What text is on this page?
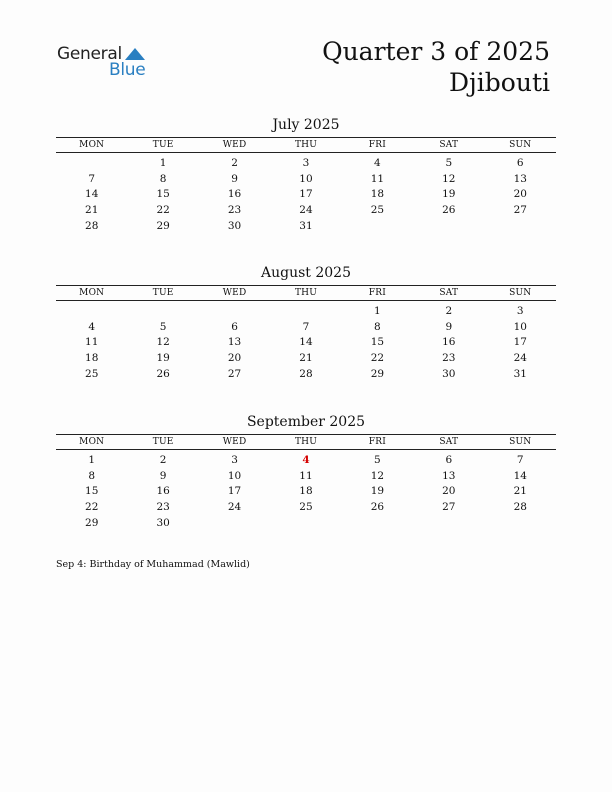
General
Blue
Quarter 3 of 2025
Djibouti
July 2025
MON	TUE	WED	THU	FRI	SAT	SUN
	1	2	3	4	5	6
7	8	9	10	11	12	13
14	15	16	17	18	19	20
21	22	23	24	25	26	27
28	29	30	31			
August 2025
MON	TUE	WED	THU	FRI	SAT	SUN
				1	2	3
4	5	6	7	8	9	10
11	12	13	14	15	16	17
18	19	20	21	22	23	24
25	26	27	28	29	30	31
September 2025
MON	TUE	WED	THU	FRI	SAT	SUN
1	2	3	4	5	6	7
8	9	10	11	12	13	14
15	16	17	18	19	20	21
22	23	24	25	26	27	28
29	30					
Sep 4: Birthday of Muhammad (Mawlid)
